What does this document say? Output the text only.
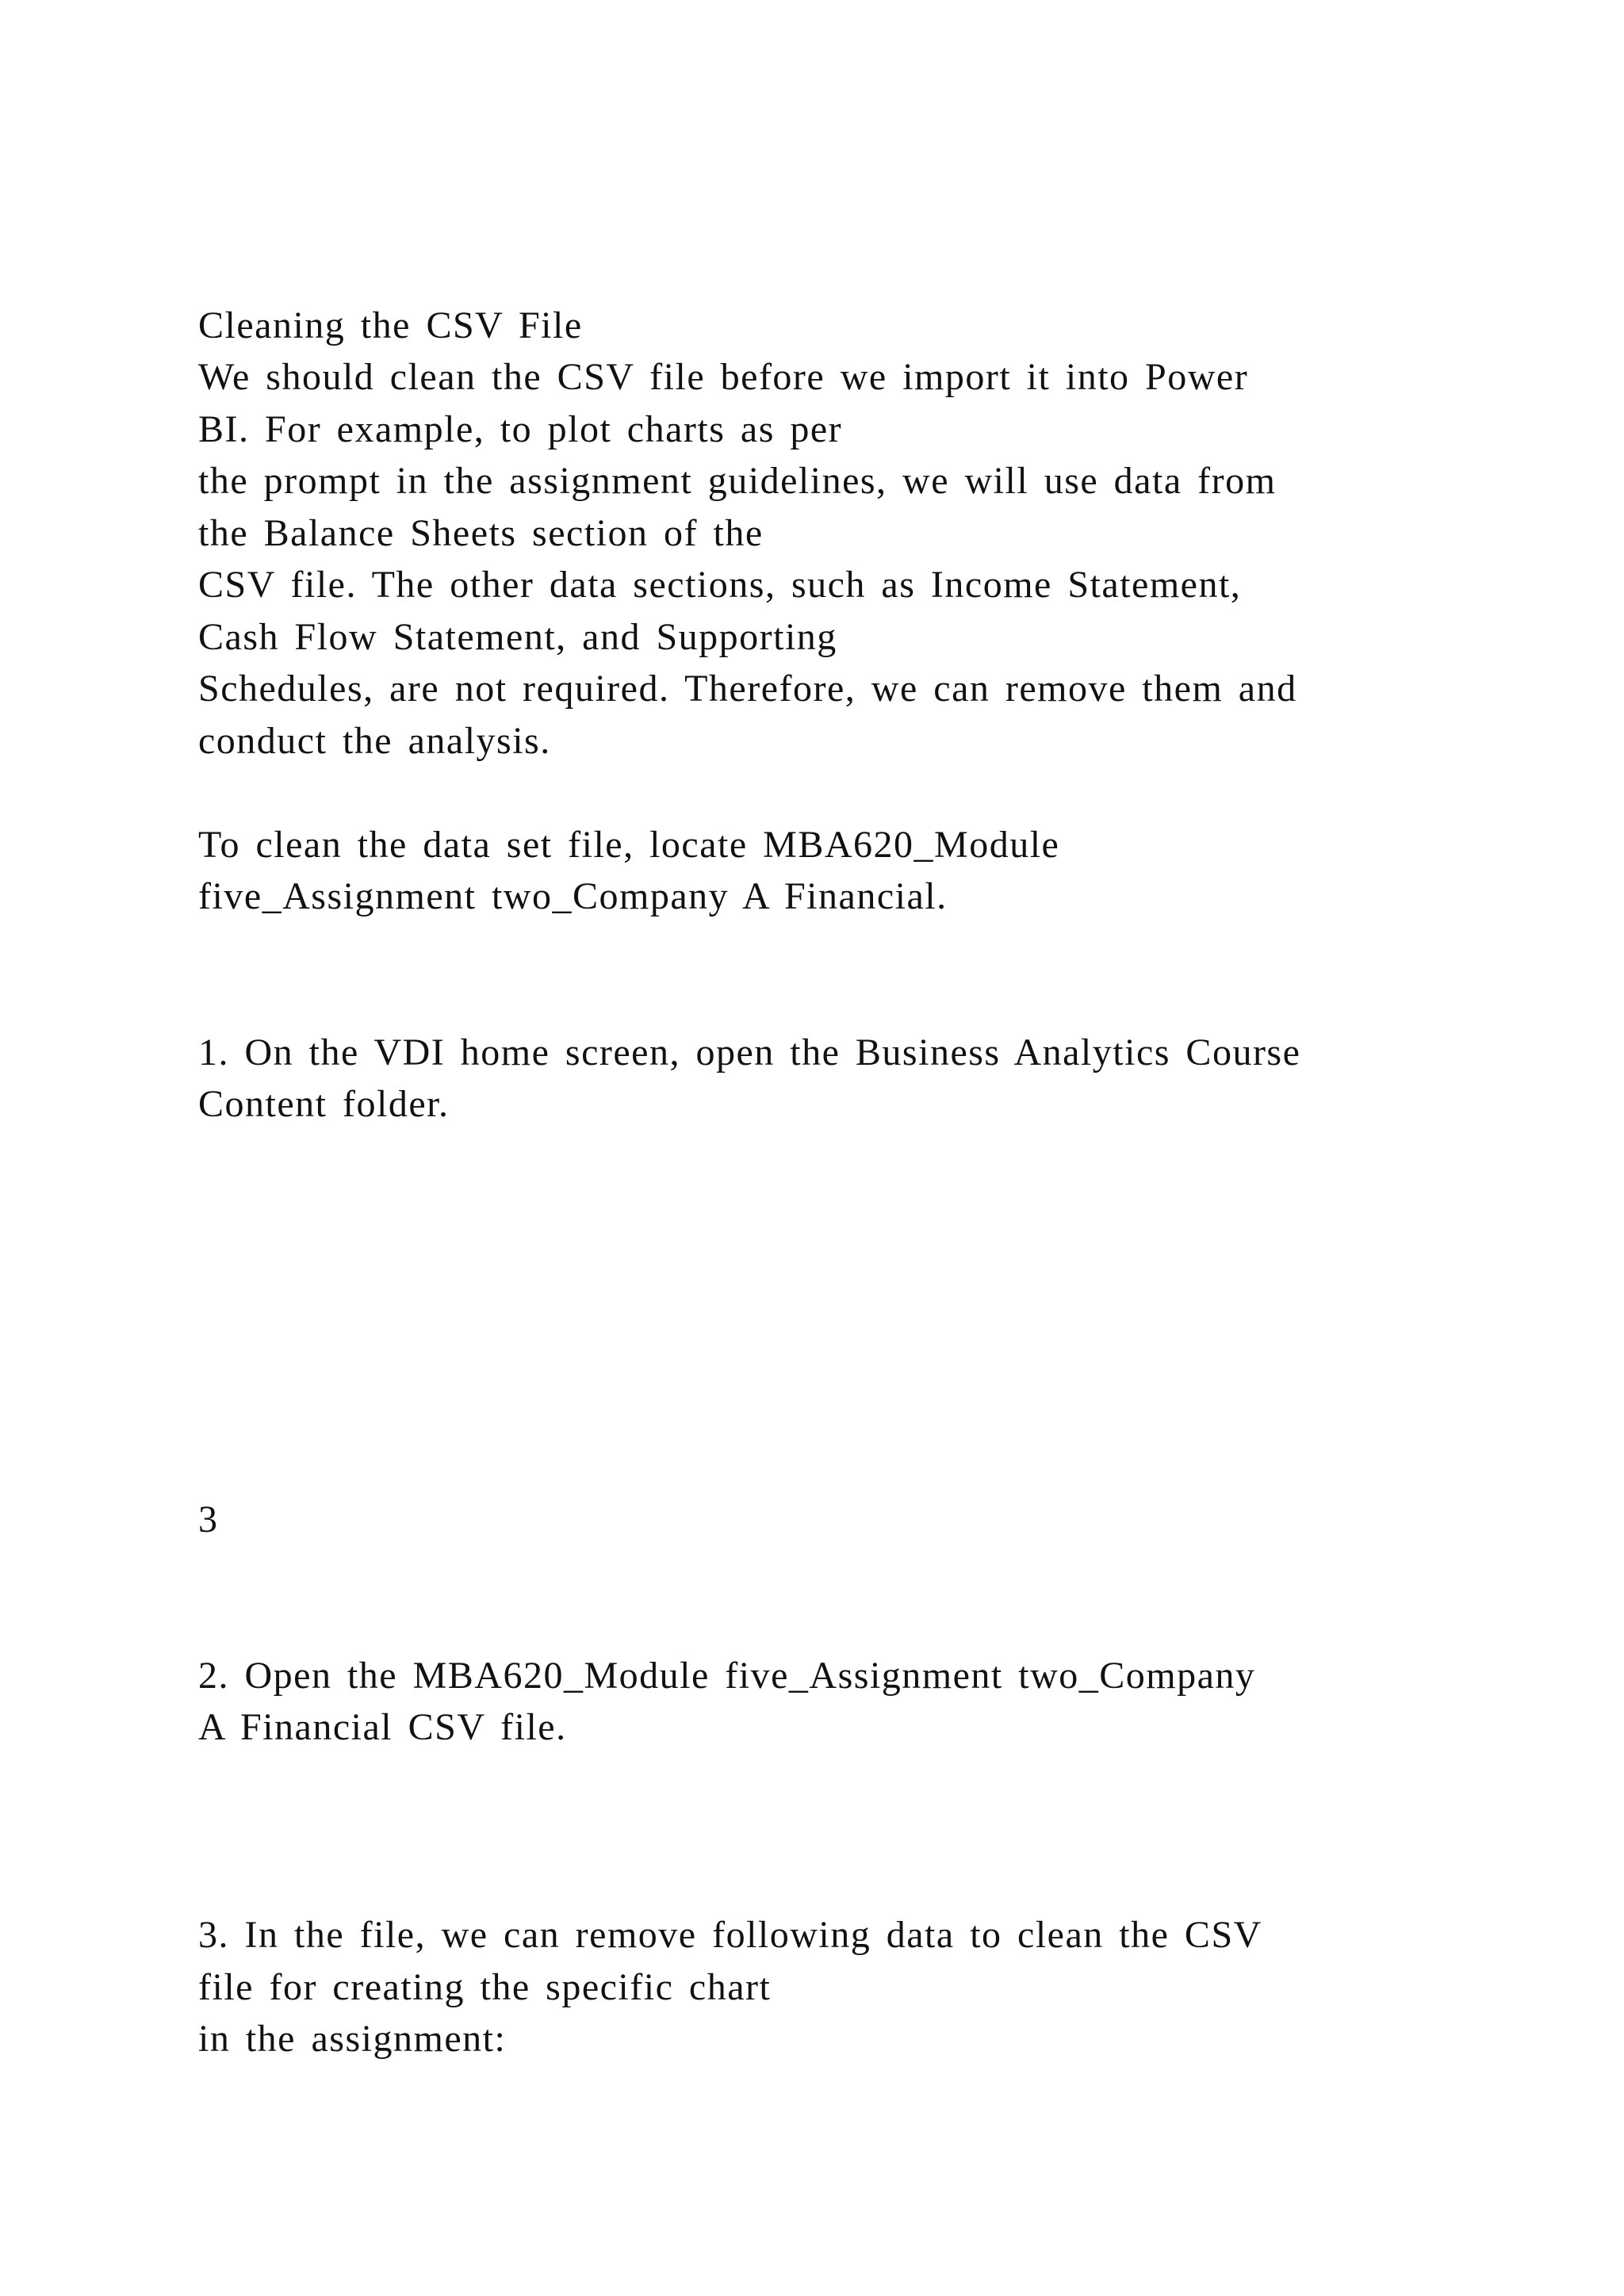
Cleaning the CSV File

We should clean the CSV file before we import it into Power

BI. For example, to plot charts as per

the prompt in the assignment guidelines, we will use data from

the Balance Sheets section of the

CSV file. The other data sections, such as Income Statement,

Cash Flow Statement, and Supporting

Schedules, are not required. Therefore, we can remove them and

conduct the analysis.

To clean the data set file, locate MBA620_Module

five_Assignment two_Company A Financial.

1. On the VDI home screen, open the Business Analytics Course

Content folder.

3

2. Open the MBA620_Module five_Assignment two_Company

A Financial CSV file.

3. In the file, we can remove following data to clean the CSV

file for creating the specific chart

in the assignment:
